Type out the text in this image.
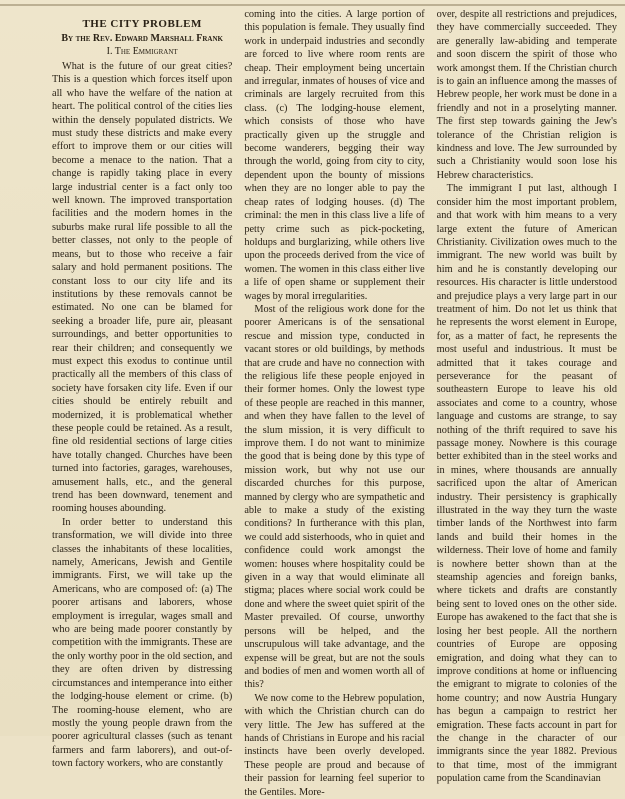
THE CITY PROBLEM
By the Rev. Edward Marshall Frank
I. The Emmigrant

What is the future of our great cities? This is a question which forces itself upon all who have the welfare of the nation at heart. The political control of the cities lies within the densely populated districts. We must study these districts and make every effort to improve them or our cities will become a menace to the nation. That a change is rapidly taking place in every large industrial center is a fact only too well known. The improved transportation facilities and the modern homes in the suburbs make rural life possible to all the better classes, not only to the people of means, but to those who receive a fair salary and hold permanent positions. The constant loss to our city life and its institutions by these removals cannot be estimated. No one can be blamed for seeking a broader life, pure air, pleasant surroundings, and better opportunities to rear their children; and consequently we must expect this exodus to continue until practically all the members of this class of society have forsaken city life. Even if our cities should be entirely rebuilt and modernized, it is problematical whether these people could be retained. As a result, fine old residential sections of large cities have totally changed. Churches have been turned into factories, garages, warehouses, amusement halls, etc., and the general trend has been downward, tenement and rooming houses abounding.

In order better to understand this transformation, we will divide into three classes the inhabitants of these localities, namely, Americans, Jewish and Gentile immigrants. First, we will take up the Americans, who are composed of: (a) The poorer artisans and laborers, whose employment is irregular, wages small and who are being made poorer constantly by competition with the immigrants. These are the only worthy poor in the old section, and they are often driven by distressing circumstances and intemperance into either the lodging-house element or crime. (b) The rooming-house element, who are mostly the young people drawn from the poorer agricultural classes (such as tenant farmers and farm laborers), and out-of-town factory workers, who are constantly

coming into the cities. A large portion of this population is female. They usually find work in underpaid industries and secondly are forced to live where room rents are cheap. Their employment being uncertain and irregular, inmates of houses of vice and criminals are largely recruited from this class. (c) The lodging-house element, which consists of those who have practically given up the struggle and become wanderers, begging their way through the world, going from city to city, dependent upon the bounty of missions when they are no longer able to pay the cheap rates of lodging houses. (d) The criminal: the men in this class live a life of petty crime such as pick-pocketing, holdups and burglarizing, while others live upon the proceeds derived from the vice of women. The women in this class either live a life of open shame or supplement their wages by moral irregularities.

Most of the religious work done for the poorer Americans is of the sensational rescue and mission type, conducted in vacant stores or old buildings, by methods that are crude and have no connection with the religious life these people enjoyed in their former homes. Only the lowest type of these people are reached in this manner, and when they have fallen to the level of the slum mission, it is very difficult to improve them. I do not want to minimize the good that is being done by this type of mission work, but why not use our discarded churches for this purpose, manned by clergy who are sympathetic and able to make a study of the existing conditions? In furtherance with this plan, we could add sisterhoods, who in quiet and confidence could work amongst the women: houses where hospitality could be given in a way that would eliminate all stigma; places where social work could be done and where the sweet quiet spirit of the Master prevailed. Of course, unworthy persons will be helped, and the unscrupulous will take advantage, and the expense will be great, but are not the souls and bodies of men and women worth all of this?

We now come to the Hebrew population, with which the Christian church can do very little. The Jew has suffered at the hands of Christians in Europe and his racial instincts have been overly developed. These people are proud and because of their passion for learning feel superior to the Gentiles. More-

over, despite all restrictions and prejudices, they have commercially succeeded. They are generally law-abiding and temperate and soon discern the spirit of those who work amongst them. If the Christian church is to gain an influence among the masses of Hebrew people, her work must be done in a friendly and not in a proselyting manner. The first step towards gaining the Jew's tolerance of the Christian religion is kindness and love. The Jew surrounded by such a Christianity would soon lose his Hebrew characteristics.

The immigrant I put last, although I consider him the most important problem, and that work with him means to a very large extent the future of American Christianity. Civilization owes much to the immigrant. The new world was built by him and he is constantly developing our resources. His character is little understood and prejudice plays a very large part in our treatment of him. Do not let us think that he represents the worst element in Europe, for, as a matter of fact, he represents the most useful and industrious. It must be admitted that it takes courage and perseverance for the peasant of southeastern Europe to leave his old associates and come to a country, whose language and customs are strange, to say nothing of the thrift required to save his passage money. Nowhere is this courage better exhibited than in the steel works and in mines, where thousands are annually sacrificed upon the altar of American industry. Their persistency is graphically illustrated in the way they turn the waste timber lands of the Northwest into farm lands and build their homes in the wilderness. Their love of home and family is nowhere better shown than at the steamship agencies and foreign banks, where tickets and drafts are constantly being sent to loved ones on the other side. Europe has awakened to the fact that she is losing her best people. All the northern countries of Europe are opposing emigration, and doing what they can to improve conditions at home or influencing the emigrant to migrate to colonies of the home country; and now Austria Hungary has begun a campaign to restrict her emigration. These facts account in part for the change in the character of our immigrants since the year 1882. Previous to that time, most of the immigrant population came from the Scandinavian
